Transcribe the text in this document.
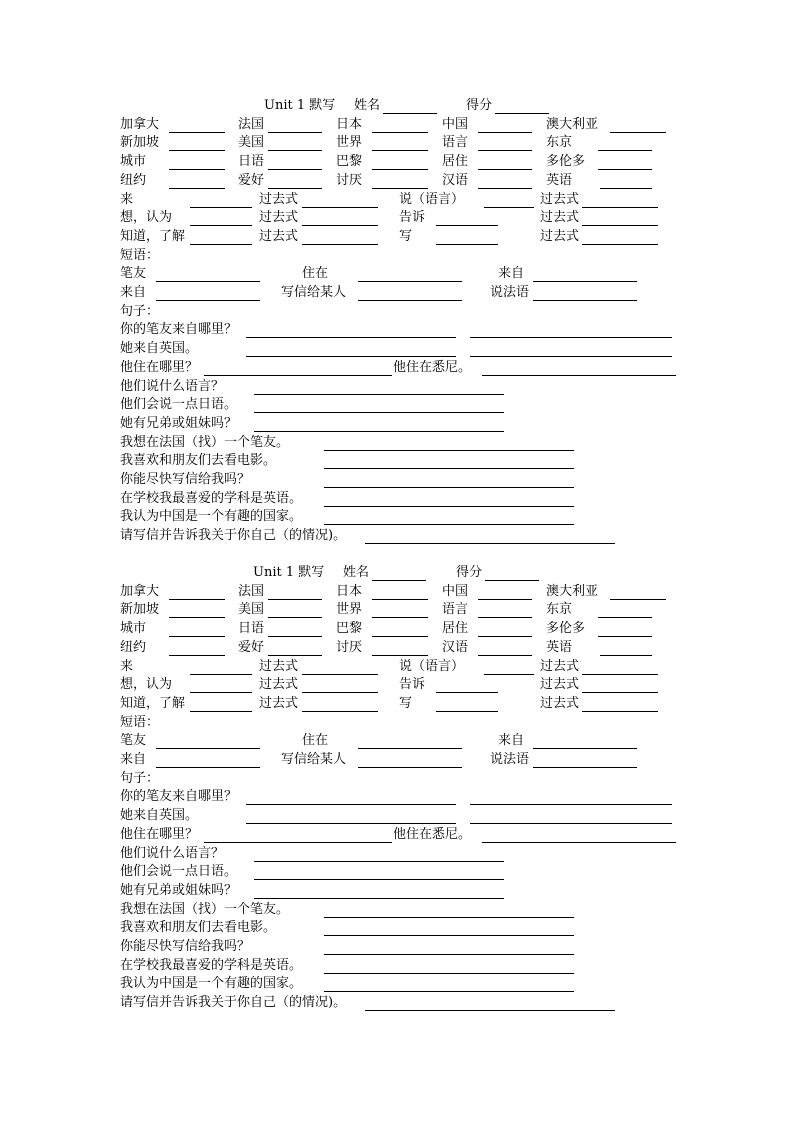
Unit 1 默写 姓名	得分
加拿大	法国	日本	中国	澳大利亚
新加坡	美国	世界	语言	东京
城市	日语	巴黎	居住	多伦多
纽约	爱好	讨厌	汉语	英语
来	过去式	说（语言）	过去式
想，认为	过去式	告诉	过去式
知道，了解	过去式	写	过去式
短语：
笔友	住在	来自
来自	写信给某人	说法语
句子：
你的笔友来自哪里？
她来自英国。
他住在哪里？	他住在悉尼。
他们说什么语言？
他们会说一点日语。
她有兄弟或姐妹吗？
我想在法国（找）一个笔友。
我喜欢和朋友们去看电影。
你能尽快写信给我吗？
在学校我最喜爱的学科是英语。
我认为中国是一个有趣的国家。
请写信并告诉我关于你自己（的情况)。
Unit 1 默写 姓名	得分
加拿大	法国	日本	中国	澳大利亚
新加坡	美国	世界	语言	东京
城市	日语	巴黎	居住	多伦多
纽约	爱好	讨厌	汉语	英语
来	过去式	说（语言）	过去式
想，认为	过去式	告诉	过去式
知道，了解	过去式	写	过去式
短语：
笔友	住在	来自
来自	写信给某人	说法语
句子：
你的笔友来自哪里？
她来自英国。
他住在哪里？	他住在悉尼。
他们说什么语言？
他们会说一点日语。
她有兄弟或姐妹吗？
我想在法国（找）一个笔友。
我喜欢和朋友们去看电影。
你能尽快写信给我吗？
在学校我最喜爱的学科是英语。
我认为中国是一个有趣的国家。
请写信并告诉我关于你自己（的情况)。
